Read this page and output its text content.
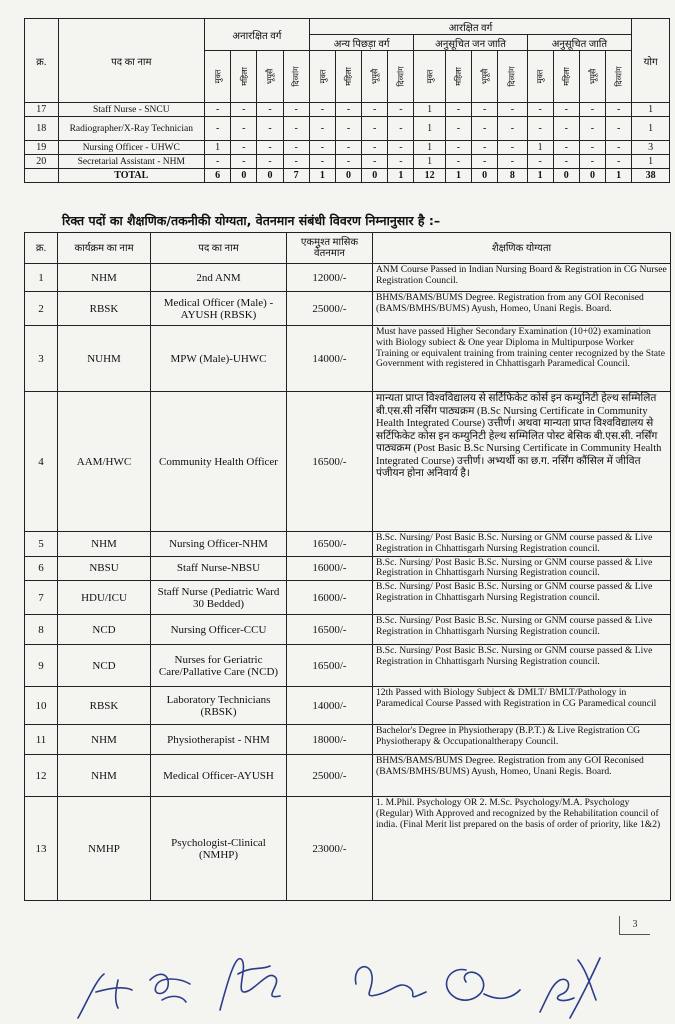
क्र.	पद का नाम	अनारक्षित वर्ग				आरक्षित वर्ग												योग
						अन्य पिछड़ा वर्ग				अनुसूचित जन जाति				अनुसूचित जाति				
		मुक्त	महिला	भूपूसै	दिव्यांग	मुक्त	महिला	भूपूसै	दिव्यांग	मुक्त	महिला	भूपूसै	दिव्यांग	मुक्त	महिला	भूपूसै	दिव्यांग	
17	Staff Nurse - SNCU	-	-	-	-	-	-	-	-	1	-	-	-	-	-	-	-	1
18	Radiographer/X-Ray Technician	-	-	-	-	-	-	-	-	1	-	-	-	-	-	-	-	1
19	Nursing Officer - UHWC	1	-	-	-	-	-	-	-	1	-	-	-	1	-	-	-	3
20	Secretarial Assistant - NHM	-	-	-	-	-	-	-	-	1	-	-	-	-	-	-	-	1
	TOTAL	6	0	0	7	1	0	0	1	12	1	0	8	1	0	0	1	38
रिक्त पदों का शैक्षणिक/तकनीकी योग्यता, वेतनमान संबंधी विवरण निम्नानुसार है :–
क्र.	कार्यक्रम का नाम	पद का नाम	एकमुश्त मासिक वेतनमान	शैक्षणिक योग्यता
1	NHM	2nd ANM	12000/-	ANM Course Passed in Indian Nursing Board & Registration in CG Nursee Registration Council.
2	RBSK	Medical Officer (Male) -AYUSH (RBSK)	25000/-	BHMS/BAMS/BUMS Degree. Registration from any GOI Reconised (BAMS/BMHS/BUMS) Ayush, Homeo, Unani Regis. Board.
3	NUHM	MPW (Male)-UHWC	14000/-	Must have passed Higher Secondary Examination (10+02) examination with Biology subiect & One year Diploma in Multipurpose Worker Training or equivalent training from training center recognized by the State Government with registered in Chhattisgarh Paramedical Council.
4	AAM/HWC	Community Health Officer	16500/-	मान्यता प्राप्त विश्वविद्यालय से सर्टिफिकेट कोर्स इन कम्युनिटी हेल्थ सम्मिलित बी.एस.सी नर्सिंग पाठ्यक्रम (B.Sc Nursing Certificate in Community Health Integrated Course) उत्तीर्ण। अथवा मान्यता प्राप्त विश्वविद्यालय से सर्टिफिकेट कोस इन कम्युनिटी हेल्थ सम्मिलित पोस्ट बेसिक बी.एस.सी. नर्सिंग पाठ्यक्रम (Post Basic B.Sc Nursing Certificate in Community Health Integrated Course) उत्तीर्ण। अभ्यर्थी का छ.ग. नर्सिंग कौंसिल में जीवित पंजीयन होना अनिवार्य है।
5	NHM	Nursing Officer-NHM	16500/-	B.Sc. Nursing/ Post Basic B.Sc. Nursing or GNM course passed & Live Registration in Chhattisgarh Nursing Registration council.
6	NBSU	Staff Nurse-NBSU	16000/-	B.Sc. Nursing/ Post Basic B.Sc. Nursing or GNM course passed & Live Registration in Chhattisgarh Nursing Registration council.
7	HDU/ICU	Staff Nurse (Pediatric Ward 30 Bedded)	16000/-	B.Sc. Nursing/ Post Basic B.Sc. Nursing or GNM course passed & Live Registration in Chhattisgarh Nursing Registration council.
8	NCD	Nursing Officer-CCU	16500/-	B.Sc. Nursing/ Post Basic B.Sc. Nursing or GNM course passed & Live Registration in Chhattisgarh Nursing Registration council.
9	NCD	Nurses for Geriatric Care/Pallative Care (NCD)	16500/-	B.Sc. Nursing/ Post Basic B.Sc. Nursing or GNM course passed & Live Registration in Chhattisgarh Nursing Registration council.
10	RBSK	Laboratory Technicians (RBSK)	14000/-	12th Passed with Biology Subject & DMLT/ BMLT/Pathology in Paramedical Course Passed with Registration in CG Paramedical council
11	NHM	Physiotherapist - NHM	18000/-	Bachelor's Degree in Physiotherapy (B.P.T.) & Live Registration CG Physiotherapy & Occupationaltherapy Council.
12	NHM	Medical Officer-AYUSH	25000/-	BHMS/BAMS/BUMS Degree. Registration from any GOI Reconised (BAMS/BMHS/BUMS) Ayush, Homeo, Unani Regis. Board.
13	NMHP	Psychologist-Clinical (NMHP)	23000/-	1. M.Phil. Psychology OR 2. M.Sc. Psychology/M.A. Psychology (Regular) With Approved and recognized by the Rehabilitation council of india. (Final Merit list prepared on the basis of order of priority, like 1&2)
3
